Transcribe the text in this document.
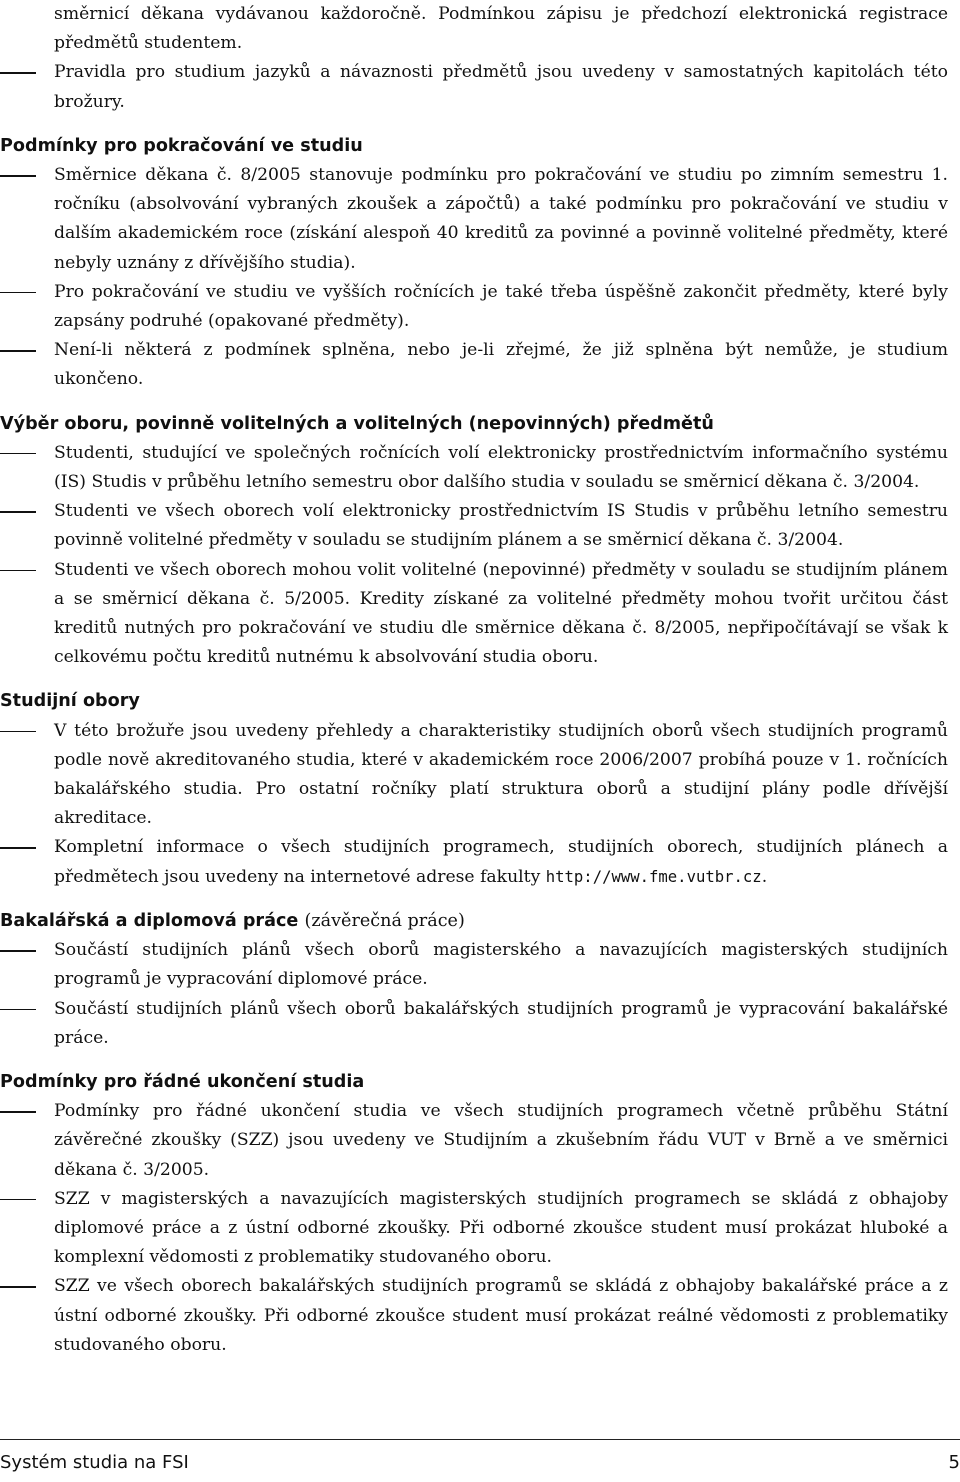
směrnicí děkana vydávanou každoročně. Podmínkou zápisu je předchozí elektronická registrace předmětů studentem.

Pravidla pro studium jazyků a návaznosti předmětů jsou uvedeny v samostatných kapitolách této brožury.
Podmínky pro pokračování ve studiu
Směrnice děkana č. 8/2005 stanovuje podmínku pro pokračování ve studiu po zimním semestru 1. ročníku (absolvování vybraných zkoušek a zápočtů) a také podmínku pro pokračování ve studiu v dalším akademickém roce (získání alespoň 40 kreditů za povinné a povinně volitelné předměty, které nebyly uznány z dřívějšího studia).
Pro pokračování ve studiu ve vyšších ročnících je také třeba úspěšně zakončit předměty, které byly zapsány podruhé (opakované předměty).
Není-li některá z podmínek splněna, nebo je-li zřejmé, že již splněna být nemůže, je studium ukončeno.
Výběr oboru, povinně volitelných a volitelných (nepovinných) předmětů
Studenti, studující ve společných ročnících volí elektronicky prostřednictvím informačního systému (IS) Studis v průběhu letního semestru obor dalšího studia v souladu se směrnicí děkana č. 3/2004.
Studenti ve všech oborech volí elektronicky prostřednictvím IS Studis v průběhu letního semestru povinně volitelné předměty v souladu se studijním plánem a se směrnicí děkana č. 3/2004.
Studenti ve všech oborech mohou volit volitelné (nepovinné) předměty v souladu se studijním plánem a se směrnicí děkana č. 5/2005. Kredity získané za volitelné předměty mohou tvořit určitou část kreditů nutných pro pokračování ve studiu dle směrnice děkana č. 8/2005, nepřipočítávají se však k celkovému počtu kreditů nutnému k absolvování studia oboru.
Studijní obory
V této brožuře jsou uvedeny přehledy a charakteristiky studijních oborů všech studijních programů podle nově akreditovaného studia, které v akademickém roce 2006/2007 probíhá pouze v 1. ročnících bakalářského studia. Pro ostatní ročníky platí struktura oborů a studijní plány podle dřívější akreditace.
Kompletní informace o všech studijních programech, studijních oborech, studijních plánech a předmětech jsou uvedeny na internetové adrese fakulty http://www.fme.vutbr.cz.
Bakalářská a diplomová práce (závěrečná práce)
Součástí studijních plánů všech oborů magisterského a navazujících magisterských studijních programů je vypracování diplomové práce.
Součástí studijních plánů všech oborů bakalářských studijních programů je vypracování bakalářské práce.
Podmínky pro řádné ukončení studia
Podmínky pro řádné ukončení studia ve všech studijních programech včetně průběhu Státní závěrečné zkoušky (SZZ) jsou uvedeny ve Studijním a zkušebním řádu VUT v Brně a ve směrnici děkana č. 3/2005.
SZZ v magisterských a navazujících magisterských studijních programech se skládá z obhajoby diplomové práce a z ústní odborné zkoušky. Při odborné zkoušce student musí prokázat hluboké a komplexní vědomosti z problematiky studovaného oboru.
SZZ ve všech oborech bakalářských studijních programů se skládá z obhajoby bakalářské práce a z ústní odborné zkoušky. Při odborné zkoušce student musí prokázat reálné vědomosti z problematiky studovaného oboru.
Systém studia na FSI	5
